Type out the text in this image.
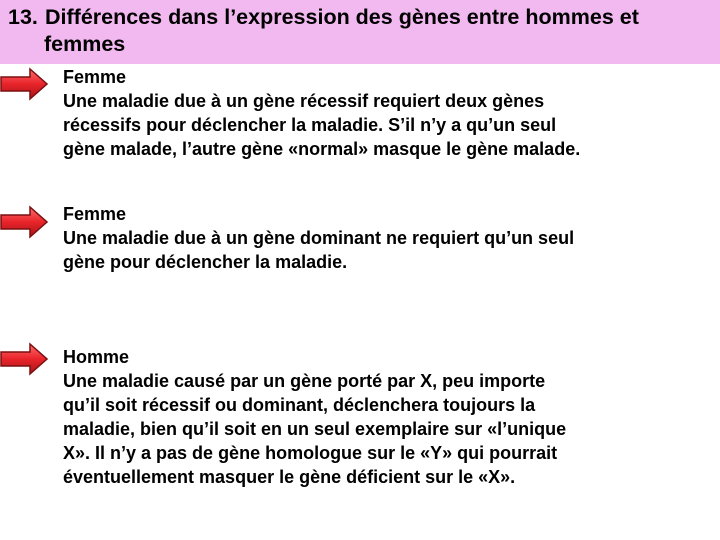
13. Différences dans l’expression des gènes entre hommes et
femmes
Femme
Une maladie due à un gène récessif requiert deux gènes
récessifs pour déclencher la maladie. S’il n’y a qu’un seul
gène malade, l’autre gène «normal» masque le gène malade.
Femme
Une maladie due à un gène dominant ne requiert qu’un seul
gène pour déclencher la maladie.
Homme
Une maladie causé par un gène porté par X, peu importe
qu’il soit récessif ou dominant, déclenchera toujours la
maladie, bien qu’il soit en un seul exemplaire sur «l’unique
X». Il n’y a pas de gène homologue sur le «Y» qui pourrait
éventuellement masquer le gène déficient sur le «X».
